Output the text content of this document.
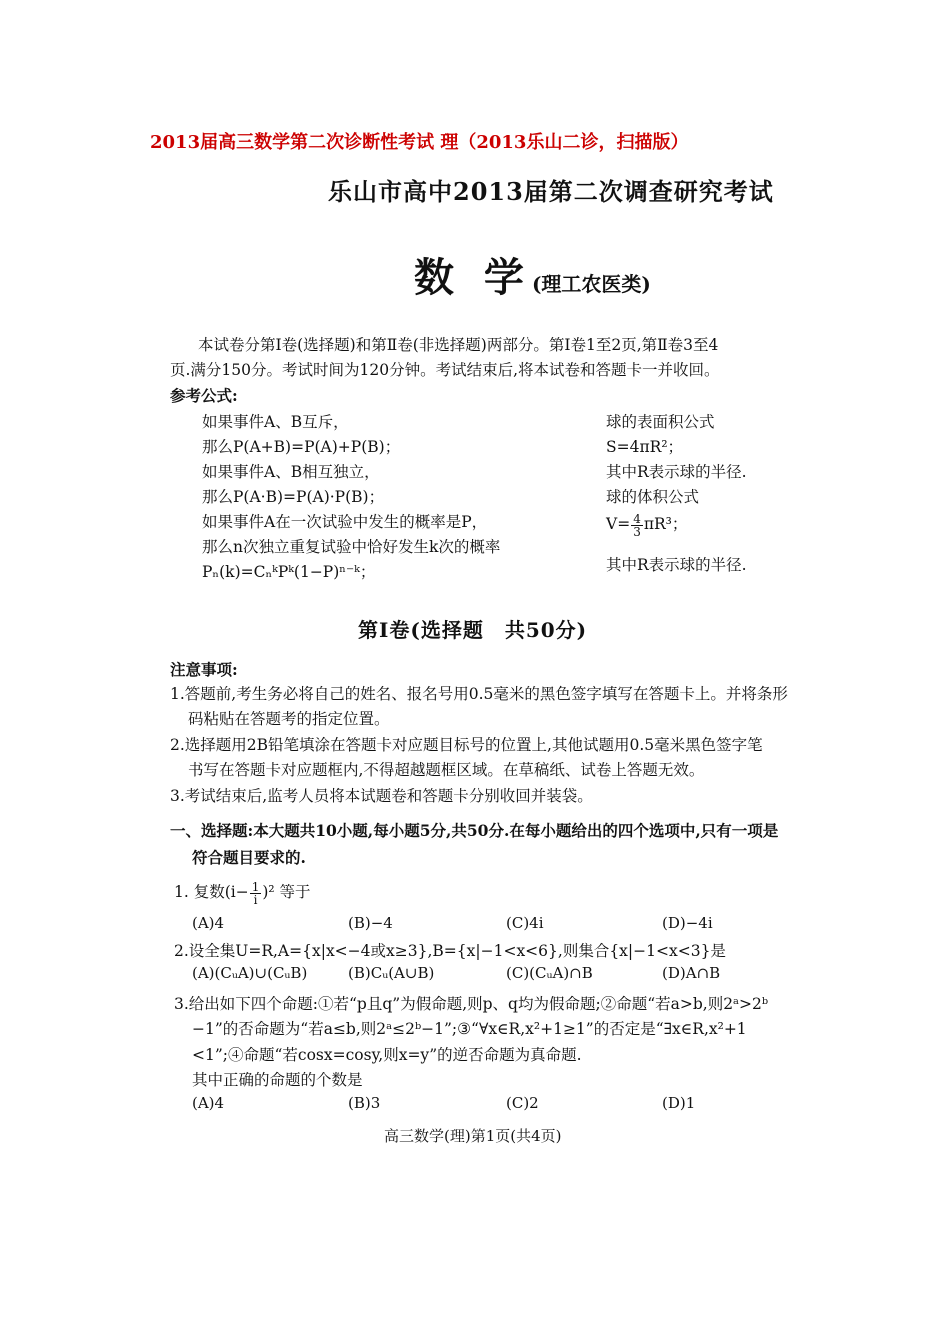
2013届高三数学第二次诊断性考试 理（2013乐山二诊，扫描版）
乐山市高中2013届第二次调查研究考试
数 学(理工农医类)
本试卷分第Ⅰ卷(选择题)和第Ⅱ卷(非选择题)两部分。第Ⅰ卷1至2页,第Ⅱ卷3至4
页.满分150分。考试时间为120分钟。考试结束后,将本试卷和答题卡一并收回。
参考公式:
如果事件A、B互斥，
那么P(A+B)=P(A)+P(B)；
如果事件A、B相互独立，
那么P(A·B)=P(A)·P(B)；
如果事件A在一次试验中发生的概率是P，
那么n次独立重复试验中恰好发生k次的概率
Pₙ(k)=CₙᵏPᵏ(1−P)ⁿ⁻ᵏ；
球的表面积公式
S=4πR²；
其中R表示球的半径.
球的体积公式
$V= \frac{4}{3} \pi R^3$；
其中R表示球的半径.
第Ⅰ卷(选择题　共50分)
注意事项:
1.答题前,考生务必将自己的姓名、报名号用0.5毫米的黑色签字填写在答题卡上。并将条形
码粘贴在答题考的指定位置。
2.选择题用2B铅笔填涂在答题卡对应题目标号的位置上,其他试题用0.5毫米黑色签字笔
书写在答题卡对应题框内,不得超越题框区域。在草稿纸、试卷上答题无效。
3.考试结束后,监考人员将本试题卷和答题卡分别收回并装袋。
一、选择题:本大题共10小题,每小题5分,共50分.在每小题给出的四个选项中,只有一项是
符合题目要求的.
1. 复数$(i- \frac{1}{i} )^2$ 等于
(A)4	(B)−4	(C)4i	(D)−4i
2.设全集U=R,A={x|x<−4或x≥3},B={x|−1<x<6},则集合{x|−1<x<3}是
(A)(CᵤA)∪(CᵤB)	(B)Cᵤ(A∪B)	(C)(CᵤA)∩B	(D)A∩B
3.给出如下四个命题:①若“p且q”为假命题,则p、q均为假命题;②命题“若a>b,则2ᵃ>2ᵇ
−1”的否命题为“若a≤b,则2ᵃ≤2ᵇ−1”;③“∀x∈R,x²+1≥1”的否定是“∃x∈R,x²+1
<1”;④命题“若cosx=cosy,则x=y”的逆否命题为真命题.
其中正确的命题的个数是
(A)4	(B)3	(C)2	(D)1
高三数学(理)第1页(共4页)
